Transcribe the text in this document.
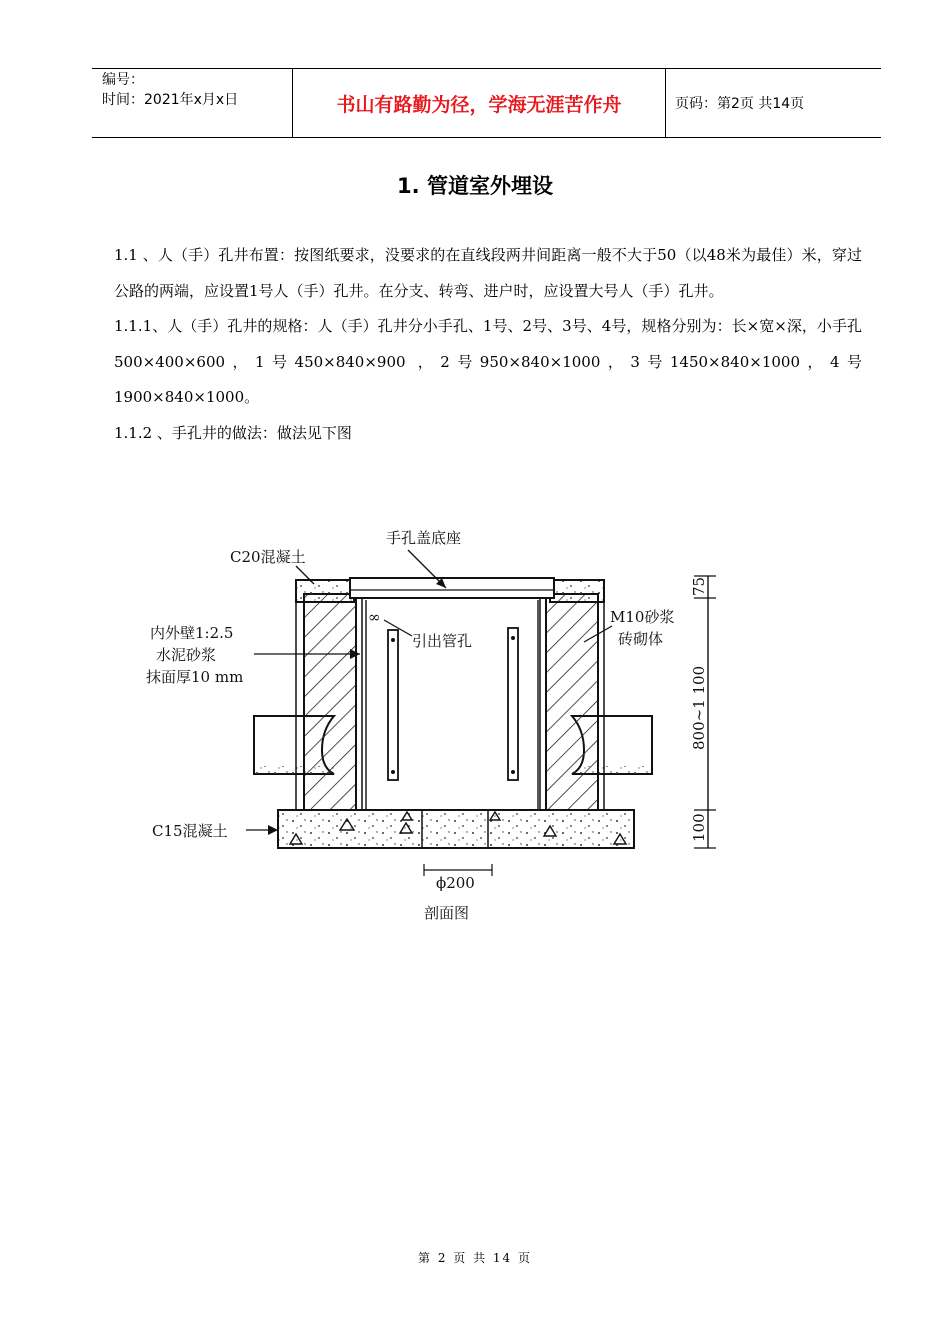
编号：
时间：2021年x月x日	书山有路勤为径，学海无涯苦作舟	页码：第2页 共14页
1. 管道室外埋设

1.1 、人（手）孔井布置：按图纸要求，没要求的在直线段两井间距离一般不大于50（以48米为最佳）米，穿过公路的两端，应设置1号人（手）孔井。在分支、转弯、进户时，应设置大号人（手）孔井。

1.1.1、人（手）孔井的规格：人（手）孔井分小手孔、1号、2号、3号、4号，规格分别为：长×宽×深，小手孔500×400×600，1号450×840×900 ，2号950×840×1000，3号1450×840×1000，4号1900×840×1000。

1.1.2 、手孔井的做法：做法见下图

∞
手孔盖底座
C20混凝土
内外壁1:2.5
水泥砂浆
抹面厚10 mm
引出管孔
M10砂浆
砖砌体
C15混凝土
75
800~1 100
100
ϕ200
剖面图
第 2 页 共 14 页
